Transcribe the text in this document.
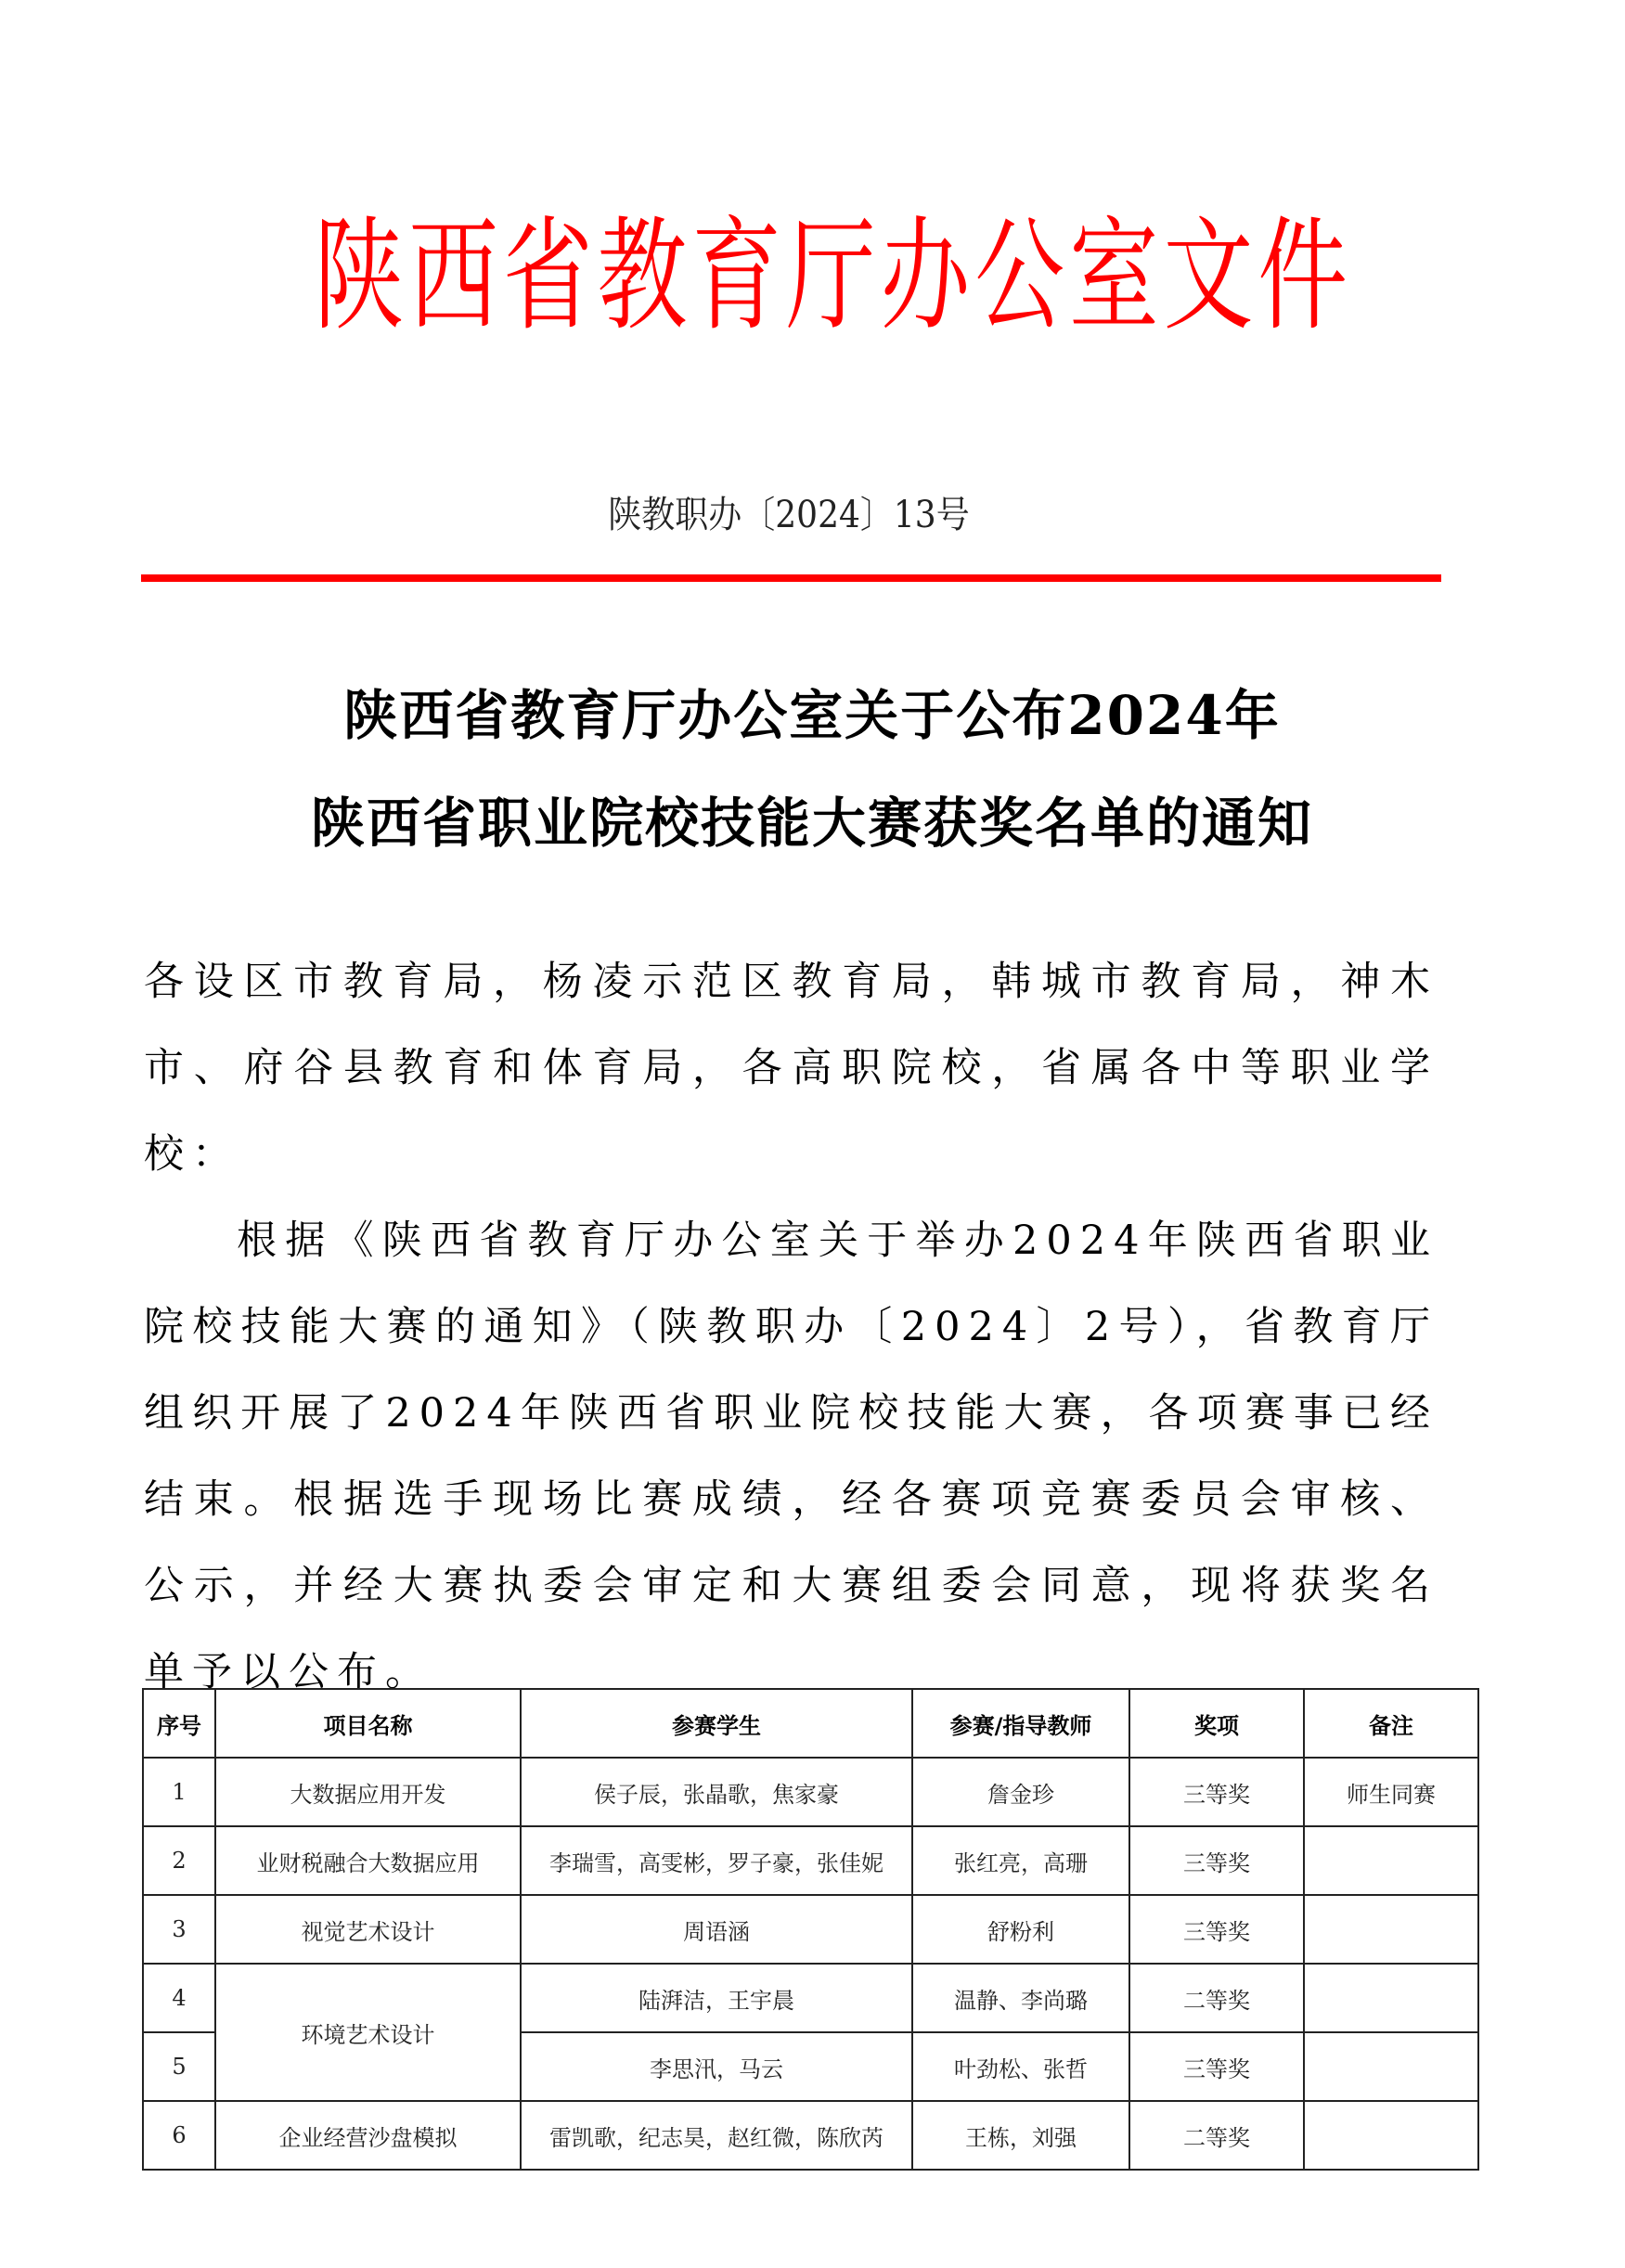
陕西省教育厅办公室文件
陕教职办〔2024〕13号
陕西省教育厅办公室关于公布2024年
陕西省职业院校技能大赛获奖名单的通知

各设区市教育局，杨凌示范区教育局，韩城市教育局，神木市、府谷县教育和体育局，各高职院校，省属各中等职业学校：

根据《陕西省教育厅办公室关于举办2024年陕西省职业院校技能大赛的通知》（陕教职办〔2024〕2号），省教育厅组织开展了2024年陕西省职业院校技能大赛，各项赛事已经结束。根据选手现场比赛成绩，经各赛项竞赛委员会审核、公示，并经大赛执委会审定和大赛组委会同意，现将获奖名单予以公布。

序号	项目名称	参赛学生	参赛/指导教师	奖项	备注
1	大数据应用开发	侯子辰，张晶歌，焦家豪	詹金珍	三等奖	师生同赛
2	业财税融合大数据应用	李瑞雪，高雯彬，罗子豪，张佳妮	张红亮，高珊	三等奖	
3	视觉艺术设计	周语涵	舒粉利	三等奖	
4	环境艺术设计	陆湃洁，王宇晨	温静、李尚璐	二等奖	
5		李思汛，马云	叶劲松、张哲	三等奖	
6	企业经营沙盘模拟	雷凯歌，纪志昊，赵红微，陈欣芮	王栋，刘强	二等奖	
